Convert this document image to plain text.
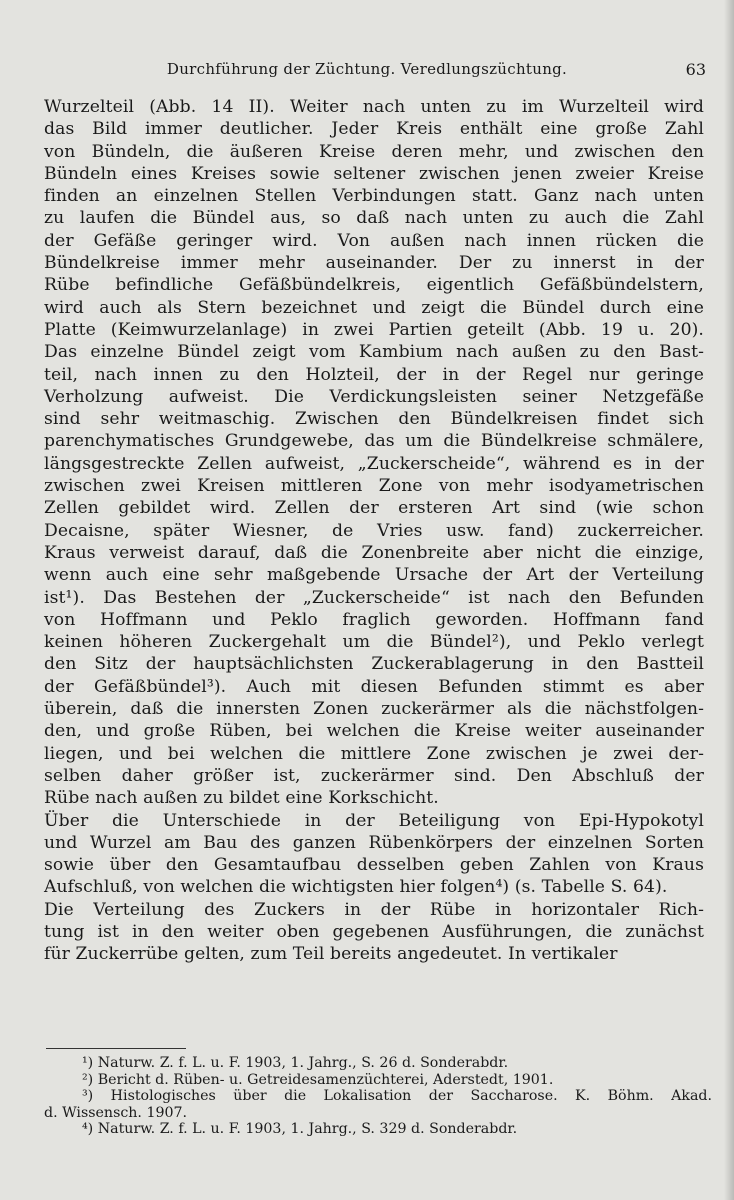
Durchführung der Züchtung. Veredlungszüchtung.	63
Wurzelteil (Abb. 14 II). Weiter nach unten zu im Wurzelteil wird
das Bild immer deutlicher. Jeder Kreis enthält eine große Zahl
von Bündeln, die äußeren Kreise deren mehr, und zwischen den
Bündeln eines Kreises sowie seltener zwischen jenen zweier Kreise
finden an einzelnen Stellen Verbindungen statt. Ganz nach unten
zu laufen die Bündel aus, so daß nach unten zu auch die Zahl
der Gefäße geringer wird. Von außen nach innen rücken die
Bündelkreise immer mehr auseinander. Der zu innerst in der
Rübe befindliche Gefäßbündelkreis, eigentlich Gefäßbündelstern,
wird auch als Stern bezeichnet und zeigt die Bündel durch eine
Platte (Keimwurzelanlage) in zwei Partien geteilt (Abb. 19 u. 20).
Das einzelne Bündel zeigt vom Kambium nach außen zu den Bast-
teil, nach innen zu den Holzteil, der in der Regel nur geringe
Verholzung aufweist. Die Verdickungsleisten seiner Netzgefäße
sind sehr weitmaschig. Zwischen den Bündelkreisen findet sich
parenchymatisches Grundgewebe, das um die Bündelkreise schmälere,
längsgestreckte Zellen aufweist, „Zuckerscheide“, während es in der
zwischen zwei Kreisen mittleren Zone von mehr isodyametrischen
Zellen gebildet wird. Zellen der ersteren Art sind (wie schon
Decaisne, später Wiesner, de Vries usw. fand) zuckerreicher.
Kraus verweist darauf, daß die Zonenbreite aber nicht die einzige,
wenn auch eine sehr maßgebende Ursache der Art der Verteilung
ist¹). Das Bestehen der „Zuckerscheide“ ist nach den Befunden
von Hoffmann und Peklo fraglich geworden. Hoffmann fand
keinen höheren Zuckergehalt um die Bündel²), und Peklo verlegt
den Sitz der hauptsächlichsten Zuckerablagerung in den Bastteil
der Gefäßbündel³). Auch mit diesen Befunden stimmt es aber
überein, daß die innersten Zonen zuckerärmer als die nächstfolgen-
den, und große Rüben, bei welchen die Kreise weiter auseinander
liegen, und bei welchen die mittlere Zone zwischen je zwei der-
selben daher größer ist, zuckerärmer sind. Den Abschluß der
Rübe nach außen zu bildet eine Korkschicht.
Über die Unterschiede in der Beteiligung von Epi-Hypokotyl
und Wurzel am Bau des ganzen Rübenkörpers der einzelnen Sorten
sowie über den Gesamtaufbau desselben geben Zahlen von Kraus
Aufschluß, von welchen die wichtigsten hier folgen⁴) (s. Tabelle S. 64).
Die Verteilung des Zuckers in der Rübe in horizontaler Rich-
tung ist in den weiter oben gegebenen Ausführungen, die zunächst
für Zuckerrübe gelten, zum Teil bereits angedeutet. In vertikaler
¹) Naturw. Z. f. L. u. F. 1903, 1. Jahrg., S. 26 d. Sonderabdr.
²) Bericht d. Rüben- u. Getreidesamenzüchterei, Aderstedt, 1901.
³) Histologisches über die Lokalisation der Saccharose. K. Böhm. Akad.
d. Wissensch. 1907.
⁴) Naturw. Z. f. L. u. F. 1903, 1. Jahrg., S. 329 d. Sonderabdr.
